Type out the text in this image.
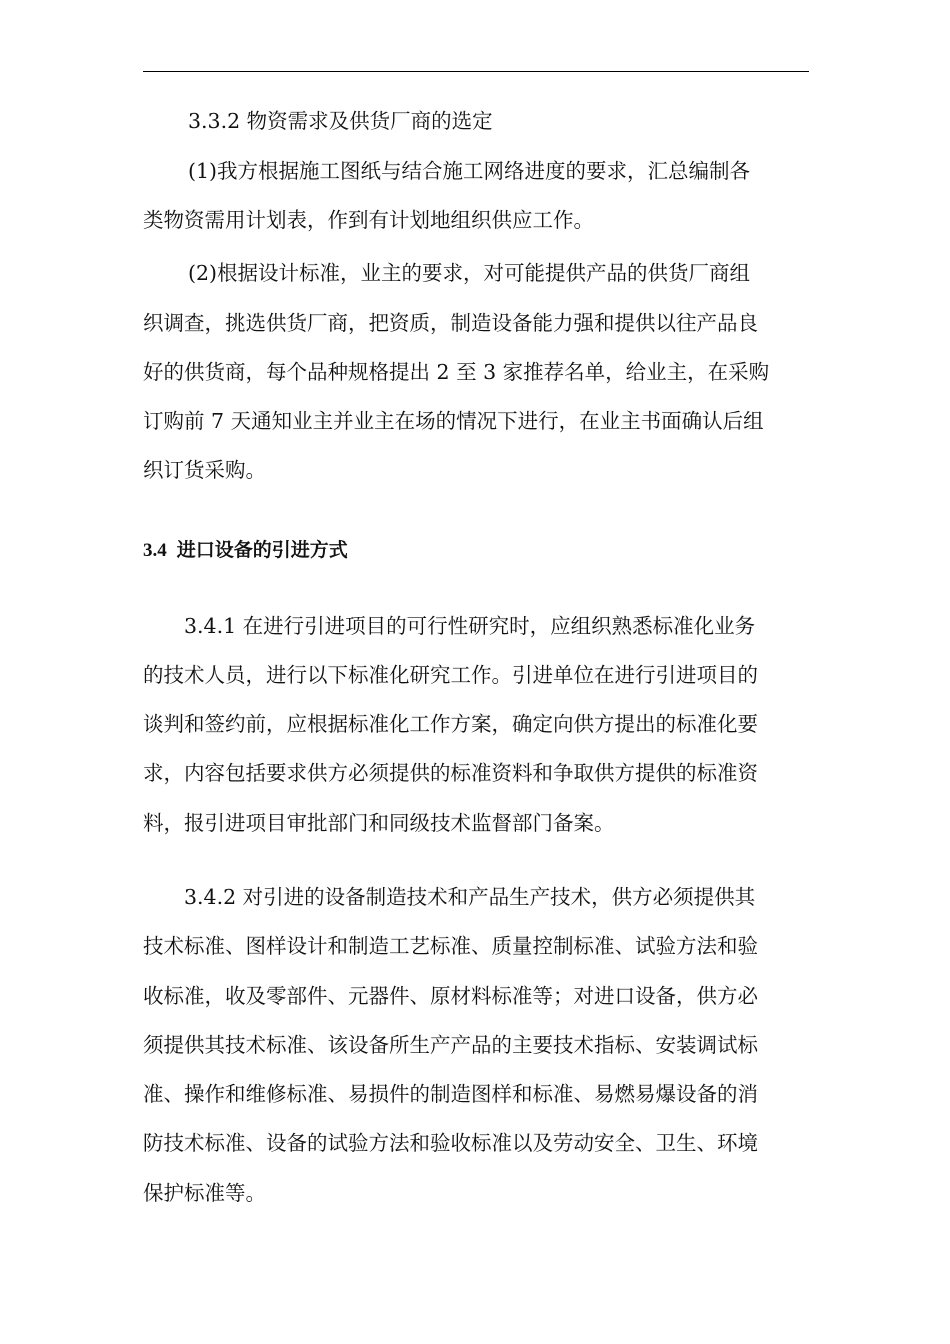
3.3.2 物资需求及供货厂商的选定
(1)我方根据施工图纸与结合施工网络进度的要求，汇总编制各
类物资需用计划表，作到有计划地组织供应工作。
(2)根据设计标准，业主的要求，对可能提供产品的供货厂商组
织调查，挑选供货厂商，把资质，制造设备能力强和提供以往产品良
好的供货商，每个品种规格提出 2 至 3 家推荐名单，给业主，在采购
订购前 7 天通知业主并业主在场的情况下进行，在业主书面确认后组
织订货采购。
3.4 进口设备的引进方式
3.4.1 在进行引进项目的可行性研究时，应组织熟悉标准化业务
的技术人员，进行以下标准化研究工作。引进单位在进行引进项目的
谈判和签约前，应根据标准化工作方案，确定向供方提出的标准化要
求，内容包括要求供方必须提供的标准资料和争取供方提供的标准资
料，报引进项目审批部门和同级技术监督部门备案。
3.4.2 对引进的设备制造技术和产品生产技术，供方必须提供其
技术标准、图样设计和制造工艺标准、质量控制标准、试验方法和验
收标准，收及零部件、元器件、原材料标准等；对进口设备，供方必
须提供其技术标准、该设备所生产产品的主要技术指标、安装调试标
准、操作和维修标准、易损件的制造图样和标准、易燃易爆设备的消
防技术标准、设备的试验方法和验收标准以及劳动安全、卫生、环境
保护标准等。
